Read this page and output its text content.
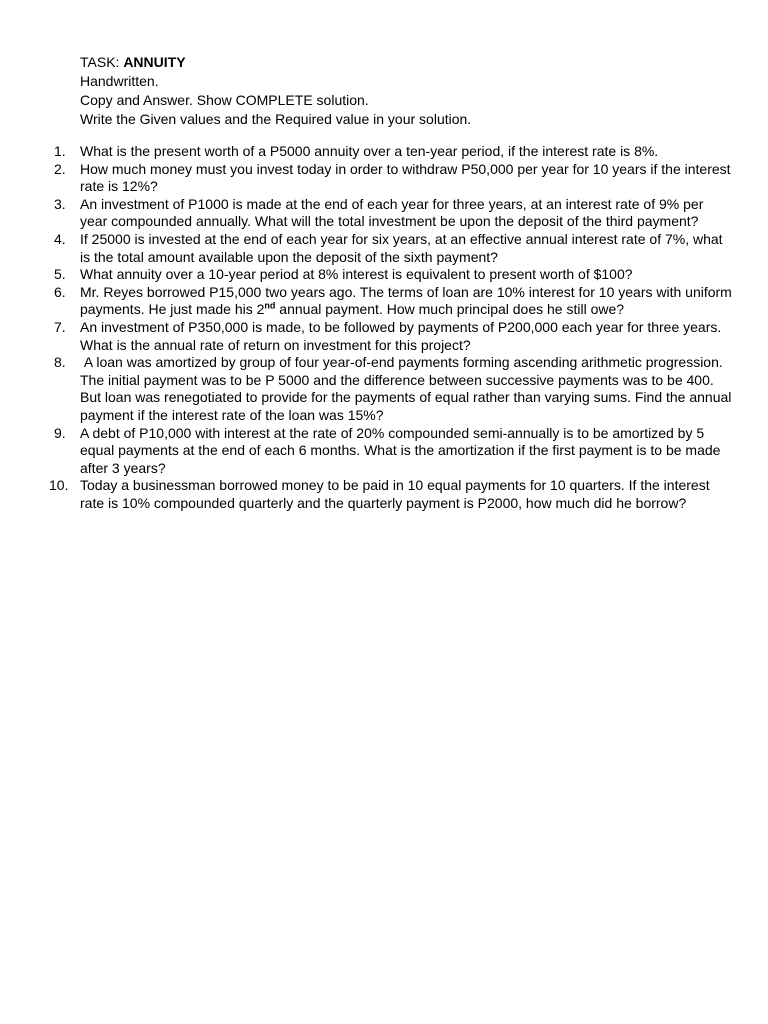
TASK: ANNUITY
Handwritten.
Copy and Answer. Show COMPLETE solution.
Write the Given values and the Required value in your solution.
1.	What is the present worth of a P5000 annuity over a ten-year period, if the interest rate is 8%.
2.	How much money must you invest today in order to withdraw P50,000 per year for 10 years if the interest rate is 12%?
3.	An investment of P1000 is made at the end of each year for three years, at an interest rate of 9% per year compounded annually. What will the total investment be upon the deposit of the third payment?
4.	If 25000 is invested at the end of each year for six years, at an effective annual interest rate of 7%, what is the total amount available upon the deposit of the sixth payment?
5.	What annuity over a 10-year period at 8% interest is equivalent to present worth of $100?
6.	Mr. Reyes borrowed P15,000 two years ago. The terms of loan are 10% interest for 10 years with uniform payments. He just made his 2nd annual payment. How much principal does he still owe?
7.	An investment of P350,000 is made, to be followed by payments of P200,000 each year for three years. What is the annual rate of return on investment for this project?
8.	A loan was amortized by group of four year-of-end payments forming ascending arithmetic progression. The initial payment was to be P 5000 and the difference between successive payments was to be 400. But loan was renegotiated to provide for the payments of equal rather than varying sums. Find the annual payment if the interest rate of the loan was 15%?
9.	A debt of P10,000 with interest at the rate of 20% compounded semi-annually is to be amortized by 5 equal payments at the end of each 6 months. What is the amortization if the first payment is to be made after 3 years?
10. Today a businessman borrowed money to be paid in 10 equal payments for 10 quarters. If the interest rate is 10% compounded quarterly and the quarterly payment is P2000, how much did he borrow?
